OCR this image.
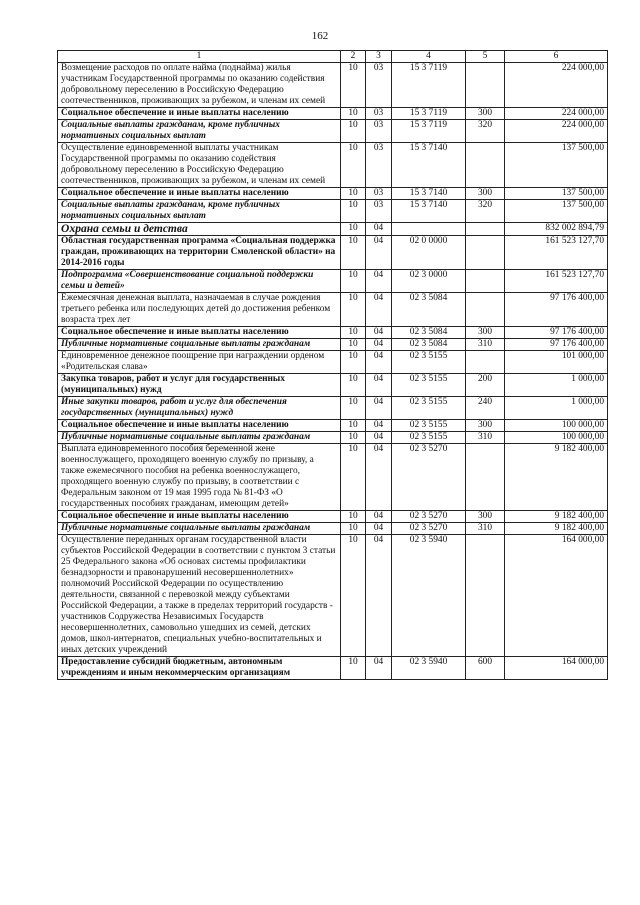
162
1	2	3	4	5	6
Возмещение расходов по оплате найма (поднайма) жилья участникам Государственной программы по оказанию содействия добровольному переселению в Российскую Федерацию соотечественников, проживающих за рубежом, и членам их семей	10	03	15 3 7119		224 000,00
Социальное обеспечение и иные выплаты населению	10	03	15 3 7119	300	224 000,00
Социальные выплаты гражданам, кроме публичных нормативных социальных выплат	10	03	15 3 7119	320	224 000,00
Осуществление единовременной выплаты участникам Государственной программы по оказанию содействия добровольному переселению в Российскую Федерацию соотечественников, проживающих за рубежом, и членам их семей	10	03	15 3 7140		137 500,00
Социальное обеспечение и иные выплаты населению	10	03	15 3 7140	300	137 500,00
Социальные выплаты гражданам, кроме публичных нормативных социальных выплат	10	03	15 3 7140	320	137 500,00
Охрана семьи и детства	10	04			832 002 894,79
Областная государственная программа «Социальная поддержка граждан, проживающих на территории Смоленской области» на 2014-2016 годы	10	04	02 0 0000		161 523 127,70
Подпрограмма «Совершенствование социальной поддержки семьи и детей»	10	04	02 3 0000		161 523 127,70
Ежемесячная денежная выплата, назначаемая в случае рождения третьего ребенка или последующих детей до достижения ребенком возраста трех лет	10	04	02 3 5084		97 176 400,00
Социальное обеспечение и иные выплаты населению	10	04	02 3 5084	300	97 176 400,00
Публичные нормативные социальные выплаты гражданам	10	04	02 3 5084	310	97 176 400,00
Единовременное денежное поощрение при награждении орденом «Родительская слава»	10	04	02 3 5155		101 000,00
Закупка товаров, работ и услуг для государственных (муниципальных) нужд	10	04	02 3 5155	200	1 000,00
Иные закупки товаров, работ и услуг для обеспечения государственных (муниципальных) нужд	10	04	02 3 5155	240	1 000,00
Социальное обеспечение и иные выплаты населению	10	04	02 3 5155	300	100 000,00
Публичные нормативные социальные выплаты гражданам	10	04	02 3 5155	310	100 000,00
Выплата единовременного пособия беременной жене военнослужащего, проходящего военную службу по призыву, а также ежемесячного пособия на ребенка военнослужащего, проходящего военную службу по призыву, в соответствии с Федеральным законом от 19 мая 1995 года № 81-ФЗ «О государственных пособиях гражданам, имеющим детей»	10	04	02 3 5270		9 182 400,00
Социальное обеспечение и иные выплаты населению	10	04	02 3 5270	300	9 182 400,00
Публичные нормативные социальные выплаты гражданам	10	04	02 3 5270	310	9 182 400,00
Осуществление переданных органам государственной власти субъектов Российской Федерации в соответствии с пунктом 3 статьи 25 Федерального закона «Об основах системы профилактики безнадзорности и правонарушений несовершеннолетних» полномочий Российской Федерации по осуществлению деятельности, связанной с перевозкой между субъектами Российской Федерации, а также в пределах территорий государств - участников Содружества Независимых Государств несовершеннолетних, самовольно ушедших из семей, детских домов, школ-интернатов, специальных учебно-воспитательных и иных детских учреждений	10	04	02 3 5940		164 000,00
Предоставление субсидий бюджетным, автономным учреждениям и иным некоммерческим организациям	10	04	02 3 5940	600	164 000,00
